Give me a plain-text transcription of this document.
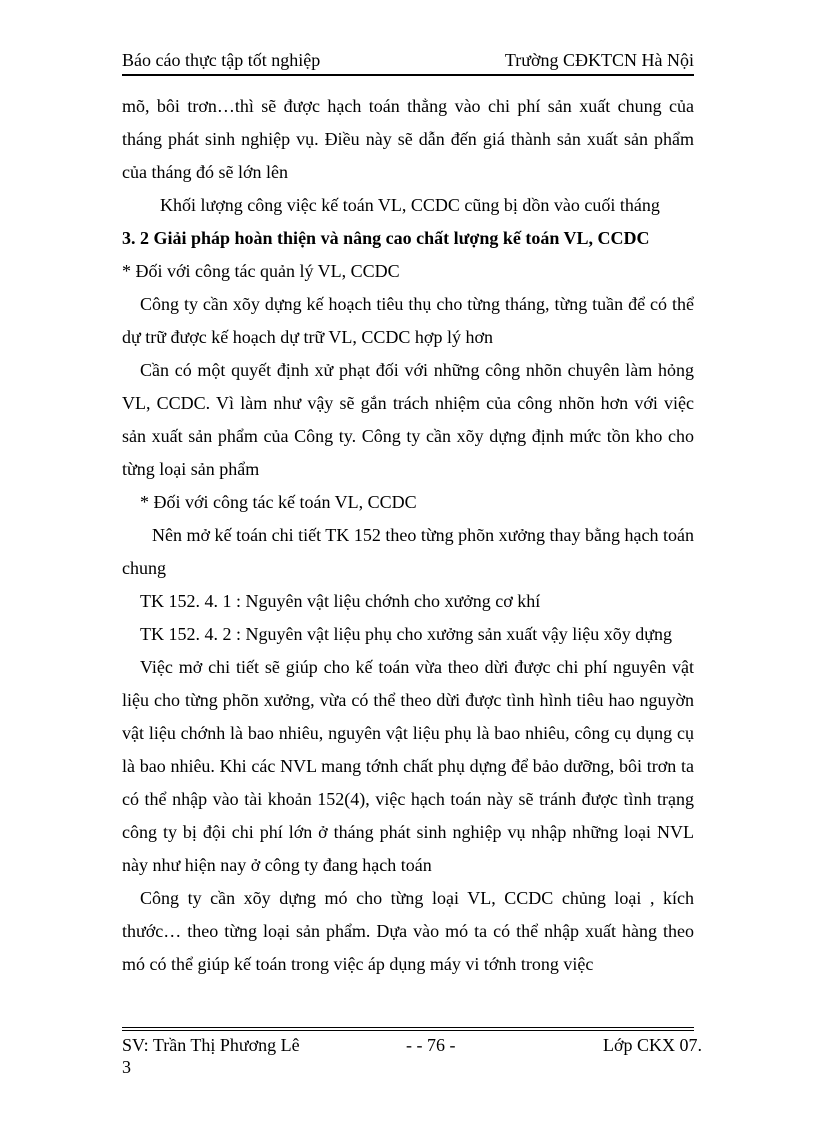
Báo cáo thực tập tốt nghiệp	Trường CĐKTCN Hà Nội

mõ, bôi trơn…thì sẽ được hạch toán thẳng vào chi phí sản xuất chung của tháng phát sinh nghiệp vụ. Điều này sẽ dẫn đến giá thành sản xuất sản phẩm của tháng đó sẽ lớn lên

Khối lượng công việc kế toán VL, CCDC cũng bị dồn vào cuối tháng

3. 2 Giải pháp hoàn thiện và nâng cao chất lượng kế toán VL, CCDC

* Đối với công tác quản lý VL, CCDC

Công ty cần xõy dựng kế hoạch tiêu thụ cho từng tháng, từng tuần để có thể dự trữ được kế hoạch dự trữ VL, CCDC hợp lý hơn

Cần có một quyết định xử phạt đối với những công nhõn chuyên làm hỏng VL, CCDC. Vì làm như vậy sẽ gắn trách nhiệm của công nhõn hơn với việc sản xuất sản phẩm của Công ty. Công ty cần xõy dựng định mức tồn kho cho từng loại sản phẩm

* Đối với công tác kế toán VL, CCDC

Nên mở kế toán chi tiết TK 152 theo từng phõn xưởng thay bằng hạch toán chung

TK 152. 4. 1 : Nguyên vật liệu chớnh cho xưởng cơ khí

TK 152. 4. 2 : Nguyên vật liệu phụ cho xưởng sản xuất vậy liệu xõy dựng

Việc mở chi tiết sẽ giúp cho kế toán vừa theo dừi được chi phí nguyên vật liệu cho từng phõn xưởng, vừa có thể theo dừi được tình hình tiêu hao nguyờn vật liệu chớnh là bao nhiêu, nguyên vật liệu phụ là bao nhiêu, công cụ dụng cụ là bao nhiêu. Khi các NVL mang tớnh chất phụ dựng để bảo dưỡng, bôi trơn ta có thể nhập vào tài khoản 152(4), việc hạch toán này sẽ tránh được tình trạng công ty bị đội chi phí lớn ở tháng phát sinh nghiệp vụ nhập những loại NVL này như hiện nay ở công ty đang hạch toán

Công ty cần xõy dựng mó cho từng loại VL, CCDC chủng loại , kích thước… theo từng loại sản phẩm. Dựa vào mó ta có thể nhập xuất hàng theo mó có thể giúp kế toán trong việc áp dụng máy vi tớnh trong việc

SV: Trần Thị Phương Lê	- - 76 -	Lớp CKX 07.
3
